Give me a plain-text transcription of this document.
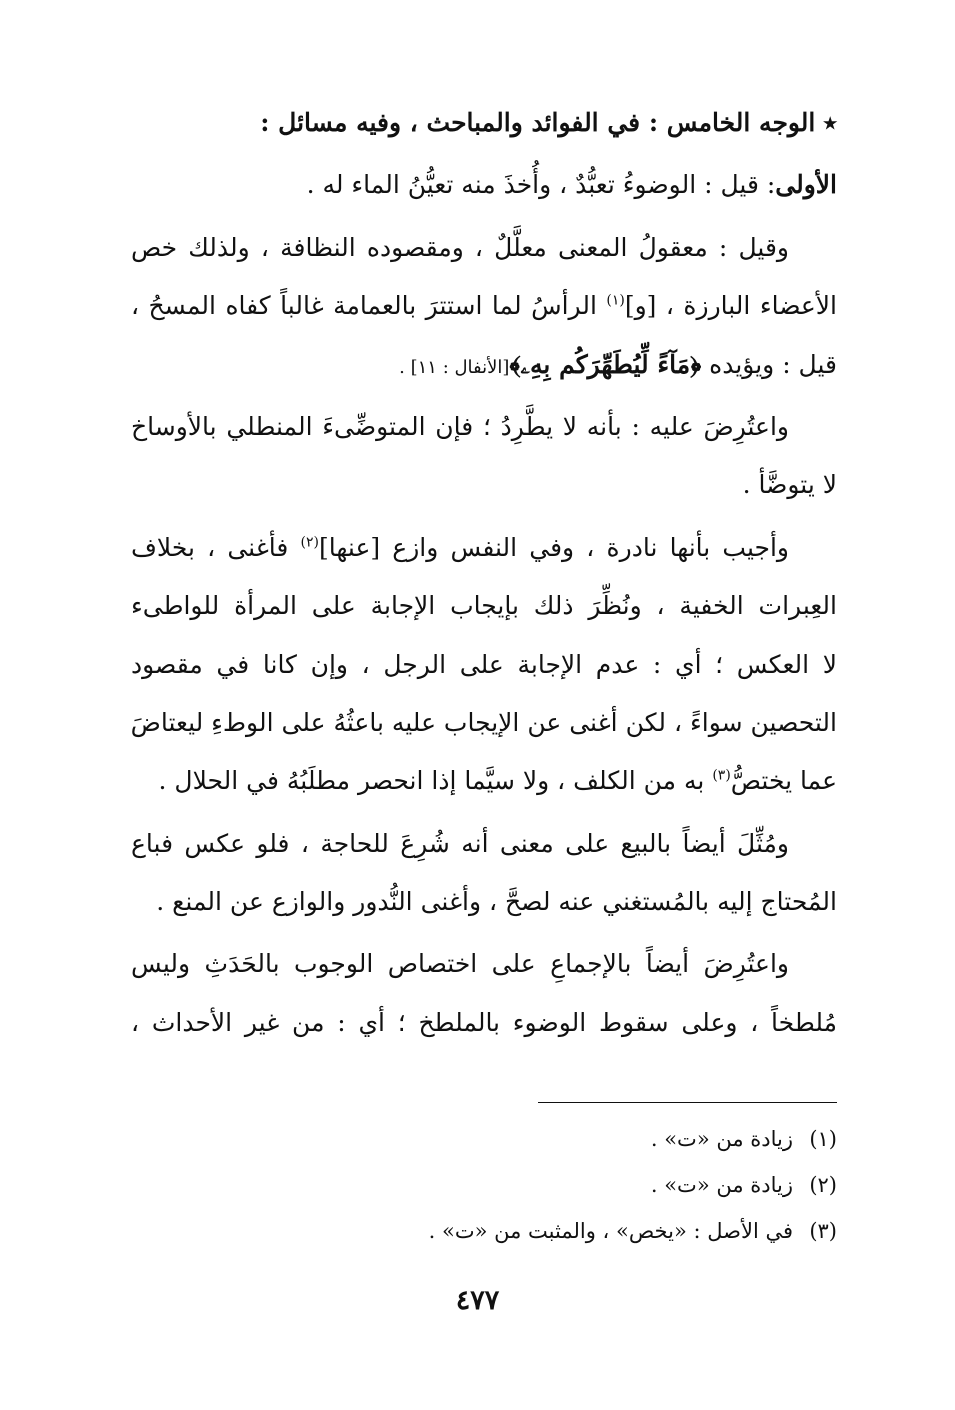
٭الوجه الخامس : في الفوائد والمباحث ، وفيه مسائل :
الأولى: قيل : الوضوءُ تعبُّدٌ ، وأُخذَ منه تعيُّنُ الماء له .
وقيل : معقولُ المعنى معلَّلٌ ، ومقصوده النظافة ، ولذلك خص
الأعضاء البارزة ، [و]$^{(١)}$ الرأسُ لما استترَ بالعمامة غالباً كفاه المسحُ ،
قيل : ويؤيده ﴿مَآءً لِّيُطَهِّرَكُم بِهِۦ﴾[الأنفال : ١١] .
واعتُرِضَ عليه : بأنه لا يطَّرِدُ ؛ فإن المتوضِّىءَ المنطلي بالأوساخ
لا يتوضَّأ .
وأجيب بأنها نادرة ، وفي النفس وازع [عنها]$^{(٢)}$ فأغنى ، بخلاف
العِبرات الخفية ، ونُظِّرَ ذلك بإيجاب الإجابة على المرأة للواطىء
لا العكس ؛ أي : عدم الإجابة على الرجل ، وإن كانا في مقصود
التحصين سواءً ، لكن أغنى عن الإيجاب عليه باعثُهُ على الوطءِ ليعتاضَ
عما يختصُّ$^{(٣)}$ به من الكلف ، ولا سيَّما إذا انحصر مطلَبُهُ في الحلال .
ومُثِّلَ أيضاً بالبيع على معنى أنه شُرِعَ للحاجة ، فلو عكس فباع
المُحتاج إليه بالمُستغني عنه لصحَّ ، وأغنى النُّدور والوازع عن المنع .
واعتُرِضَ أيضاً بالإجماعِ على اختصاص الوجوب بالحَدَثِ وليس
مُلطخاً ، وعلى سقوط الوضوء بالملطخ ؛ أي : من غير الأحداث ،
(١)زيادة من «ت» .
(٢)زيادة من «ت» .
(٣)في الأصل : «يخص» ، والمثبت من «ت» .
٤٧٧
